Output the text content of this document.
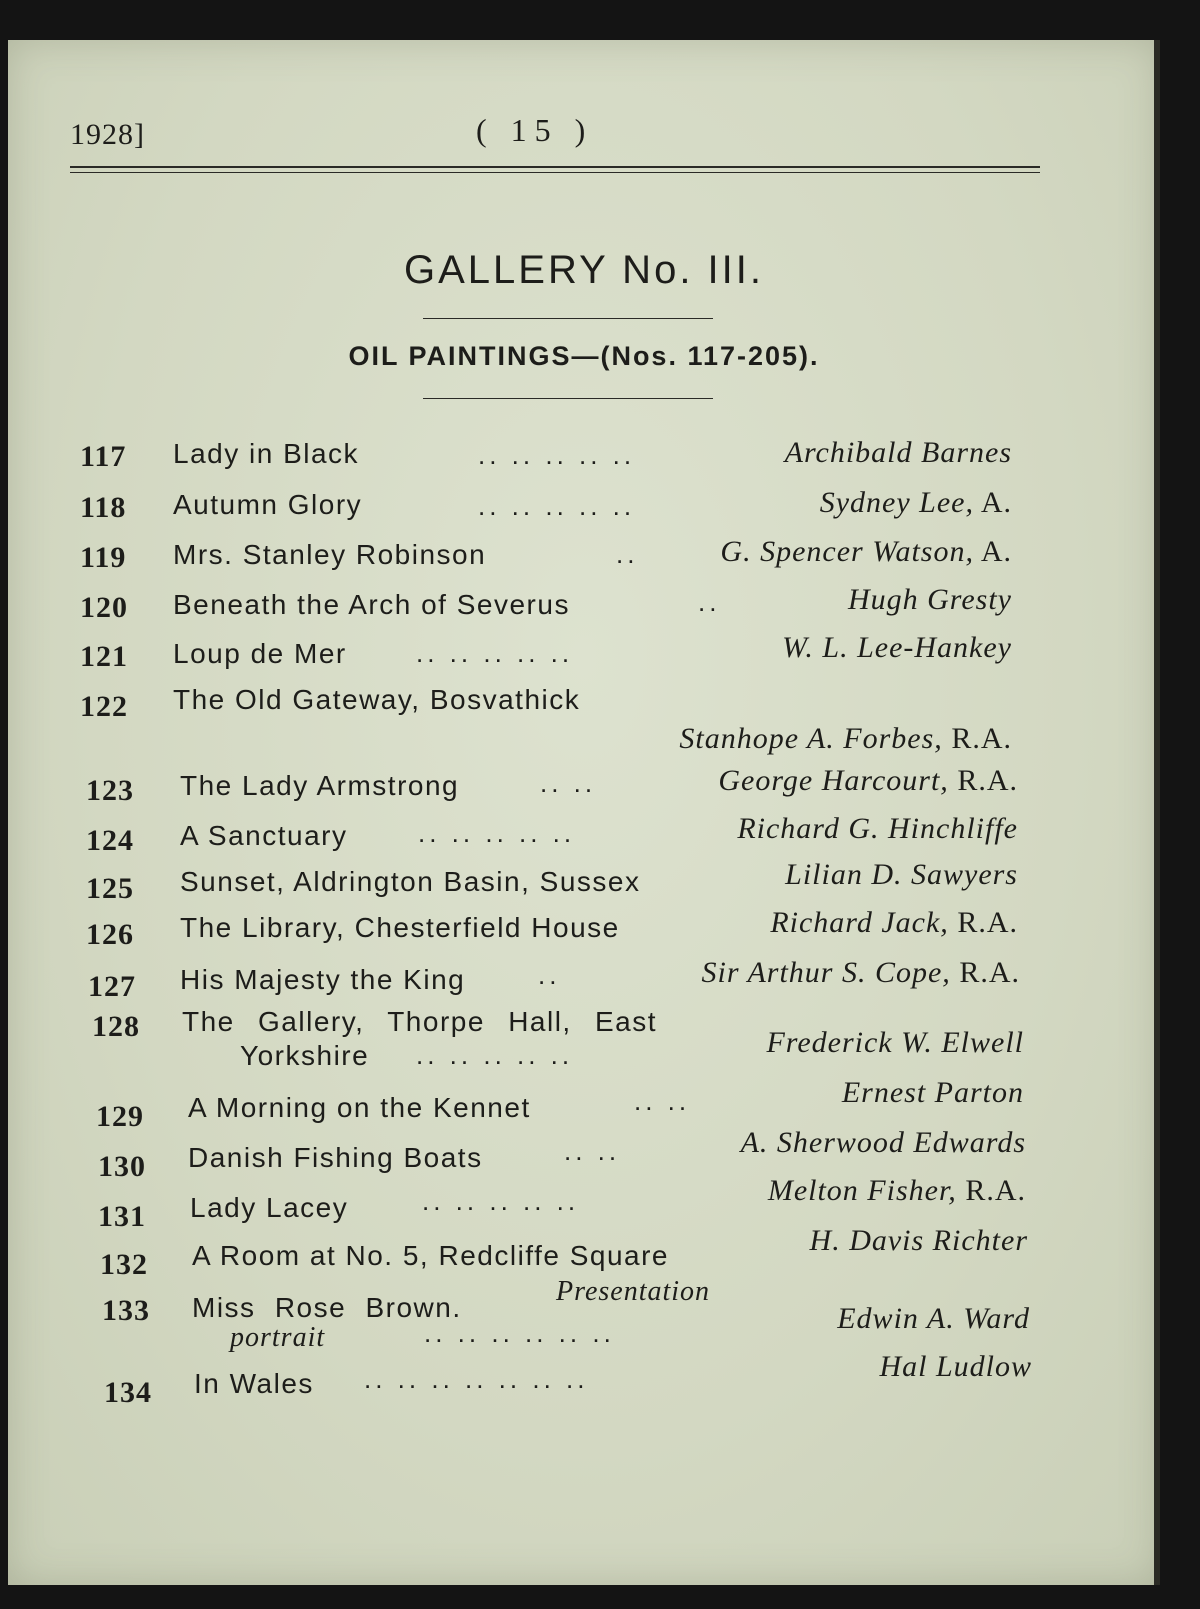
1928]	( 15 )
GALLERY No. III.
OIL PAINTINGS—(Nos. 117-205).
117	Lady in Black	.. .. .. .. ..	Archibald Barnes
118	Autumn Glory	.. .. .. .. ..	Sydney Lee, A.
119	Mrs. Stanley Robinson	..	G. Spencer Watson, A.
120	Beneath the Arch of Severus	..	Hugh Gresty
121	Loup de Mer	.. .. .. .. ..	W. L. Lee-Hankey
122	The Old Gateway, Bosvathick
Stanhope A. Forbes, R.A.
123	The Lady Armstrong	.. ..	George Harcourt, R.A.
124	A Sanctuary	.. .. .. .. ..	Richard G. Hinchliffe
125	Sunset, Aldrington Basin, Sussex	Lilian D. Sawyers
126	The Library, Chesterfield House	Richard Jack, R.A.
127	His Majesty the King	..	Sir Arthur S. Cope, R.A.
128	The Gallery, Thorpe Hall, East
Yorkshire .. .. .. .. ..	Frederick W. Elwell
129	A Morning on the Kennet	.. ..	Ernest Parton
130	Danish Fishing Boats	.. ..	A. Sherwood Edwards
131	Lady Lacey	.. .. .. .. ..	Melton Fisher, R.A.
132	A Room at No. 5, Redcliffe Square	H. Davis Richter
133	Miss Rose Brown.
Presentation
portrait	.. .. .. .. .. ..	Edwin A. Ward
134	In Wales .. .. .. .. .. .. ..	Hal Ludlow
